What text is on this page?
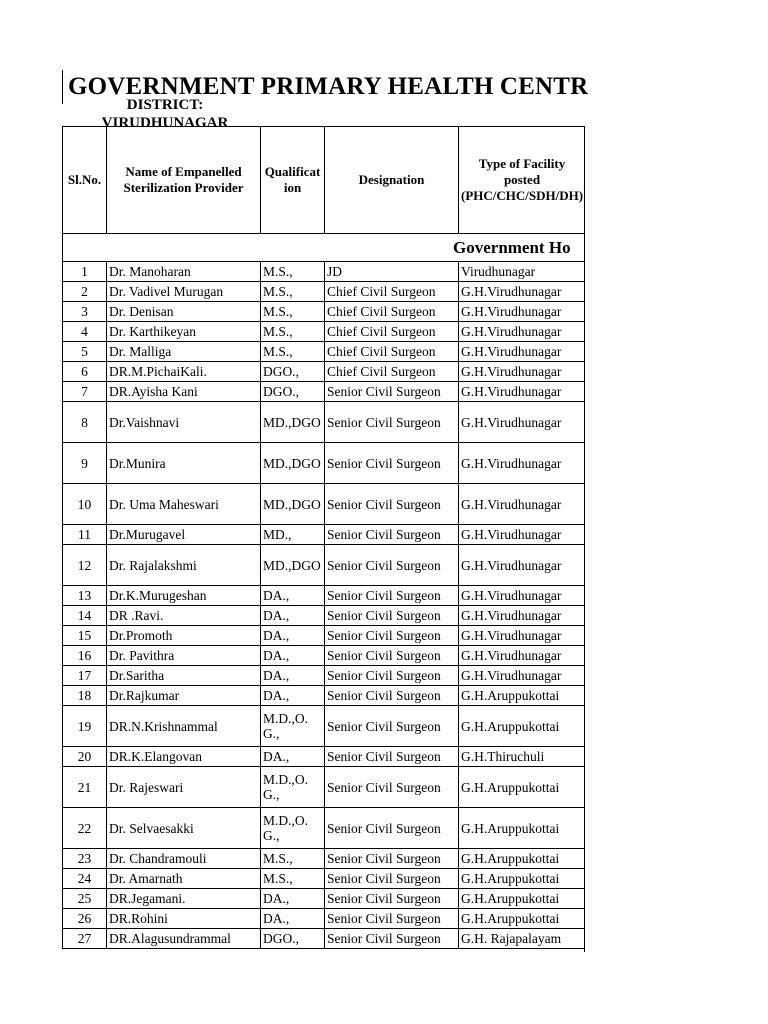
GOVERNMENT PRIMARY HEALTH CENTR
DISTRICT: VIRUDHUNAGAR
Sl.No.	Name of Empanelled Sterilization Provider	Qualification	Designation	Type of Facility posted (PHC/CHC/SDH/DH)
Government Ho				
1	Dr. Manoharan	M.S.,	JD	Virudhunagar
2	Dr. Vadivel Murugan	M.S.,	Chief Civil Surgeon	G.H.Virudhunagar
3	Dr. Denisan	M.S.,	Chief Civil Surgeon	G.H.Virudhunagar
4	Dr. Karthikeyan	M.S.,	Chief Civil Surgeon	G.H.Virudhunagar
5	Dr. Malliga	M.S.,	Chief Civil Surgeon	G.H.Virudhunagar
6	DR.M.PichaiKali.	DGO.,	Chief Civil Surgeon	G.H.Virudhunagar
7	DR.Ayisha Kani	DGO.,	Senior Civil Surgeon	G.H.Virudhunagar
8	Dr.Vaishnavi	MD.,DGO	Senior Civil Surgeon	G.H.Virudhunagar
9	Dr.Munira	MD.,DGO	Senior Civil Surgeon	G.H.Virudhunagar
10	Dr. Uma Maheswari	MD.,DGO	Senior Civil Surgeon	G.H.Virudhunagar
11	Dr.Murugavel	MD.,	Senior Civil Surgeon	G.H.Virudhunagar
12	Dr. Rajalakshmi	MD.,DGO	Senior Civil Surgeon	G.H.Virudhunagar
13	Dr.K.Murugeshan	DA.,	Senior Civil Surgeon	G.H.Virudhunagar
14	DR .Ravi.	DA.,	Senior Civil Surgeon	G.H.Virudhunagar
15	Dr.Promoth	DA.,	Senior Civil Surgeon	G.H.Virudhunagar
16	Dr. Pavithra	DA.,	Senior Civil Surgeon	G.H.Virudhunagar
17	Dr.Saritha	DA.,	Senior Civil Surgeon	G.H.Virudhunagar
18	Dr.Rajkumar	DA.,	Senior Civil Surgeon	G.H.Aruppukottai
19	DR.N.Krishnammal	M.D.,O.G.,	Senior Civil Surgeon	G.H.Aruppukottai
20	DR.K.Elangovan	DA.,	Senior Civil Surgeon	G.H.Thiruchuli
21	Dr. Rajeswari	M.D.,O.G.,	Senior Civil Surgeon	G.H.Aruppukottai
22	Dr. Selvaesakki	M.D.,O.G.,	Senior Civil Surgeon	G.H.Aruppukottai
23	Dr. Chandramouli	M.S.,	Senior Civil Surgeon	G.H.Aruppukottai
24	Dr. Amarnath	M.S.,	Senior Civil Surgeon	G.H.Aruppukottai
25	DR.Jegamani.	DA.,	Senior Civil Surgeon	G.H.Aruppukottai
26	DR.Rohini	DA.,	Senior Civil Surgeon	G.H.Aruppukottai
27	DR.Alagusundrammal	DGO.,	Senior Civil Surgeon	G.H. Rajapalayam
